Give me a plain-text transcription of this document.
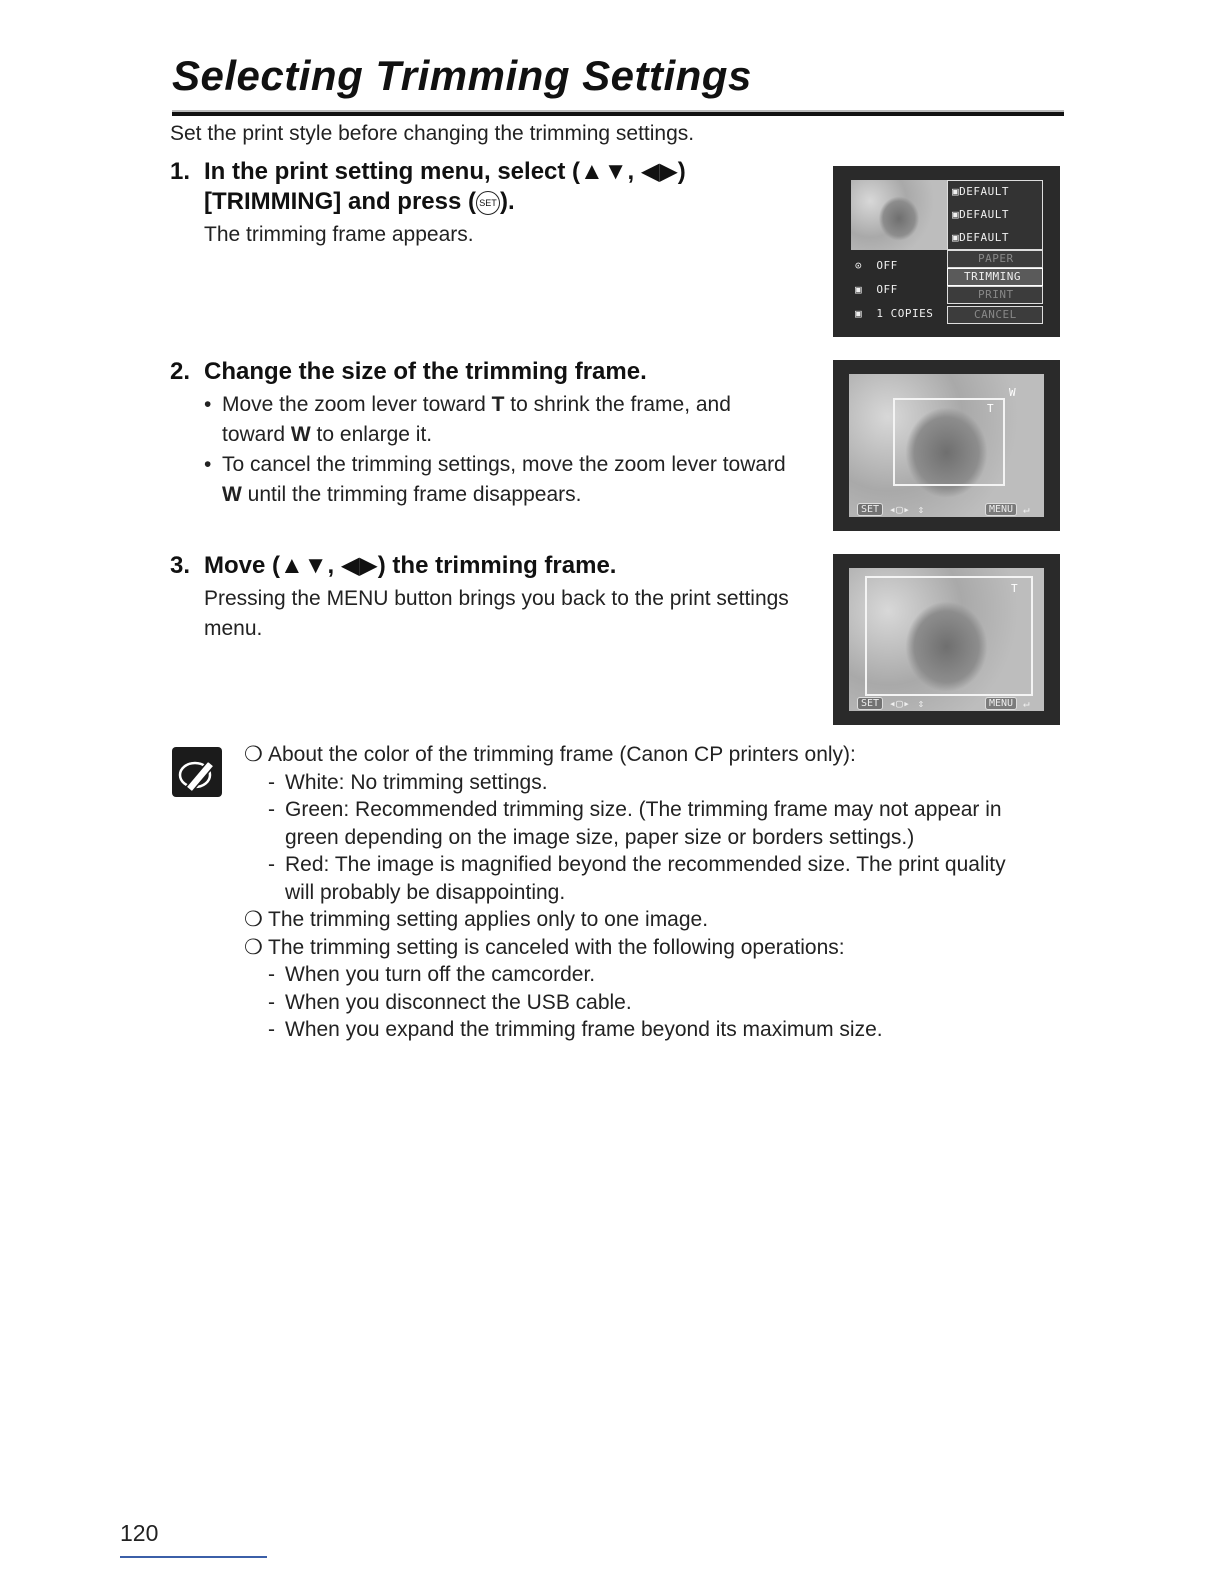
Selecting Trimming Settings
Set the print style before changing the trimming settings.
1. In the print setting menu, select (▲▼, ◀▶)
[TRIMMING] and press ( SET ).
The trimming frame appears.
2. Change the size of the trimming frame.
• Move the zoom lever toward T to shrink the frame, and
toward W to enlarge it.
• To cancel the trimming settings, move the zoom lever toward
W until the trimming frame disappears.
3. Move (▲▼, ◀▶) the trimming frame.
Pressing the MENU button brings you back to the print settings
menu.
▣DEFAULT
▣DEFAULT
▣DEFAULT
⊙  OFF
▣  OFF
▣  1 COPIES
PAPER
TRIMMING
PRINT
CANCEL
W
T
SET ◂▢▸ ⇕	MENU ↵
T
SET ◂▢▸ ⇕	MENU ↵
❍ About the color of the trimming frame (Canon CP printers only):
- White: No trimming settings.
- Green: Recommended trimming size. (The trimming frame may not appear in
green depending on the image size, paper size or borders settings.)
- Red: The image is magnified beyond the recommended size. The print quality
will probably be disappointing.
❍ The trimming setting applies only to one image.
❍ The trimming setting is canceled with the following operations:
- When you turn off the camcorder.
- When you disconnect the USB cable.
- When you expand the trimming frame beyond its maximum size.
120
